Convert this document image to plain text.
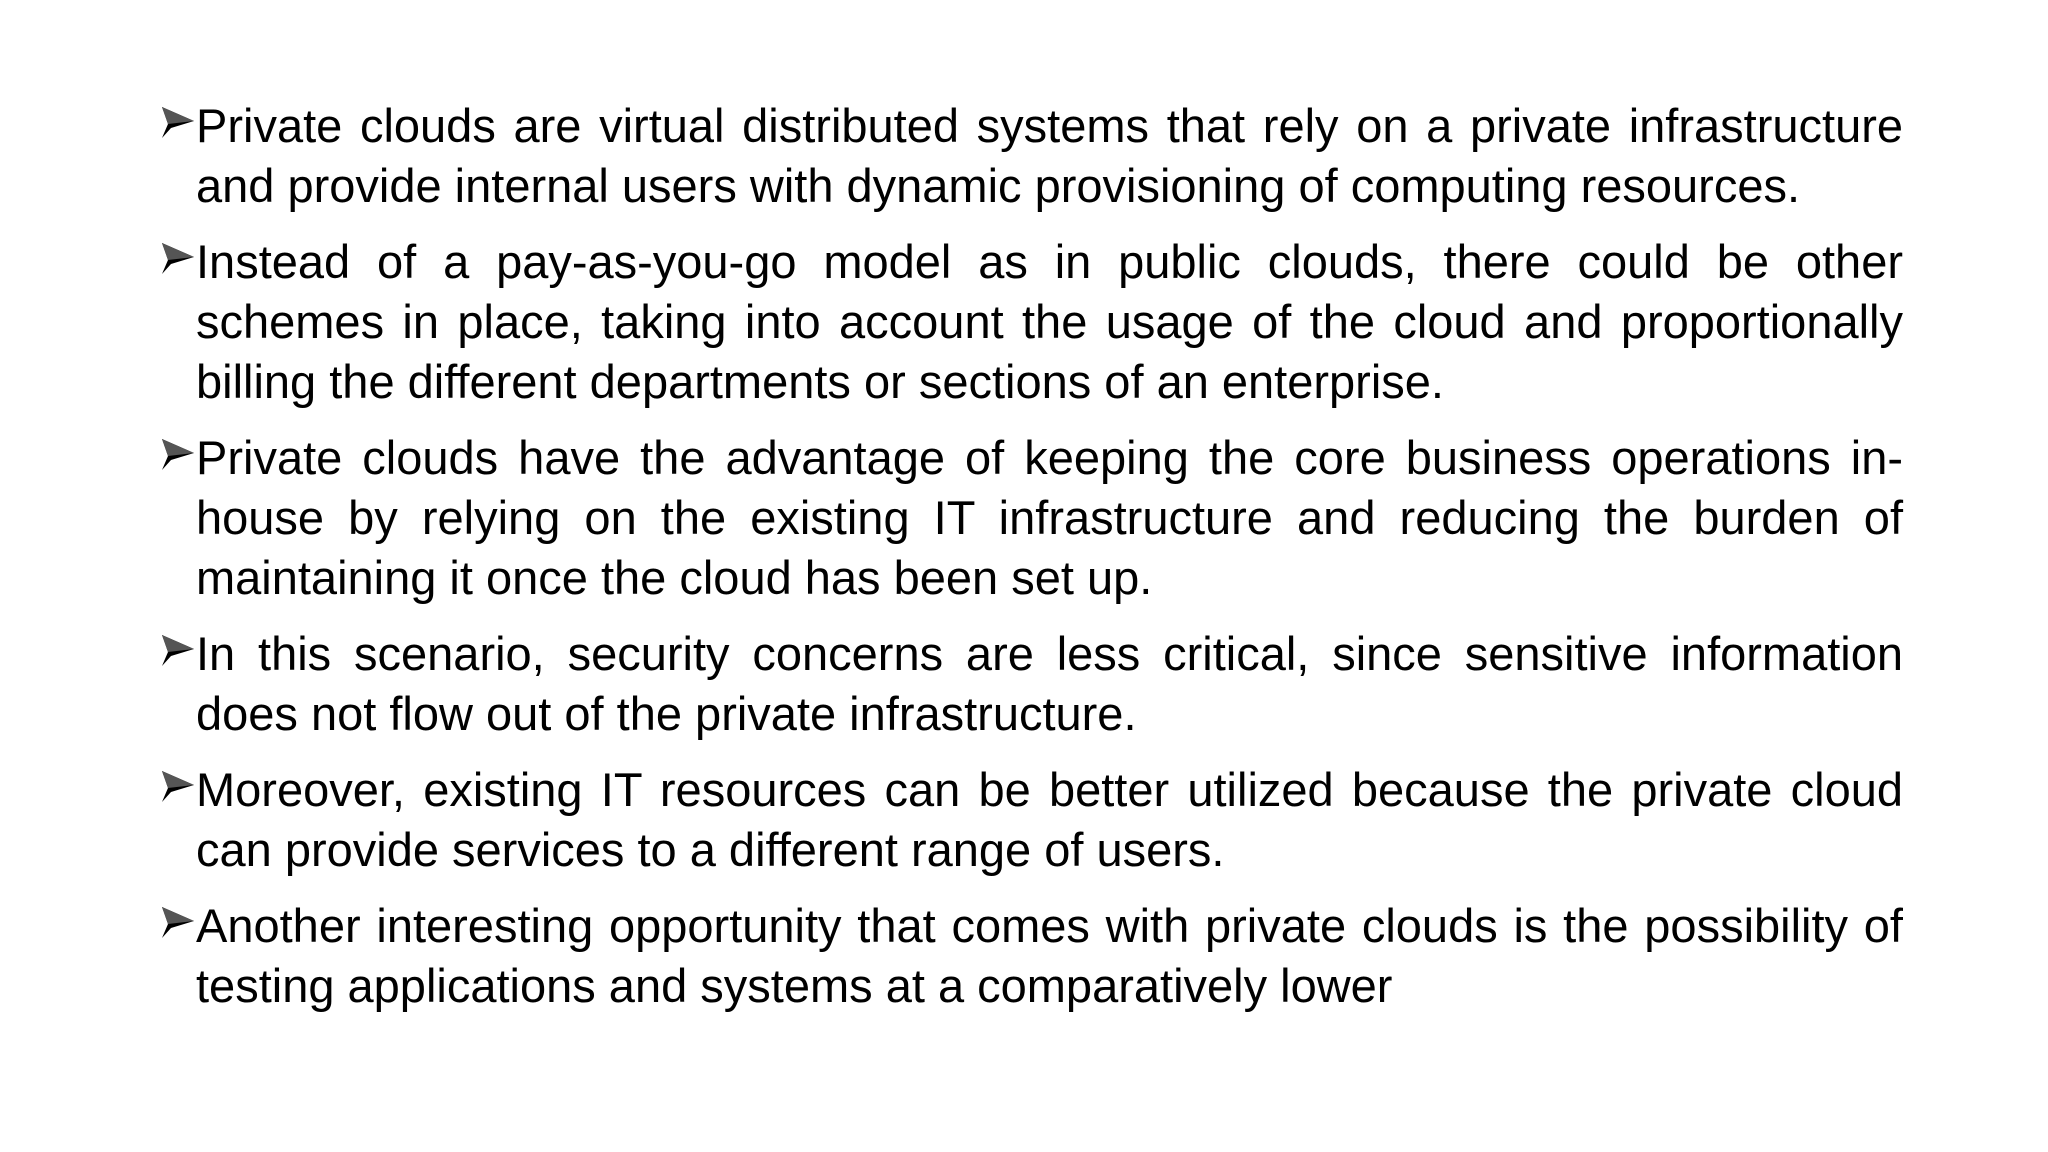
Private clouds are virtual distributed systems that rely on a private infrastructure and provide internal users with dynamic provisioning of computing resources.
Instead of a pay-as-you-go model as in public clouds, there could be other schemes in place, taking into account the usage of the cloud and proportionally billing the different departments or sections of an enterprise.
Private clouds have the advantage of keeping the core business operations in-house by relying on the existing IT infrastructure and reducing the burden of maintaining it once the cloud has been set up.
In this scenario, security concerns are less critical, since sensitive information does not flow out of the private infrastructure.
Moreover, existing IT resources can be better utilized because the private cloud can provide services to a different range of users.
Another interesting opportunity that comes with private clouds is the possibility of testing applications and systems at a comparatively lower
